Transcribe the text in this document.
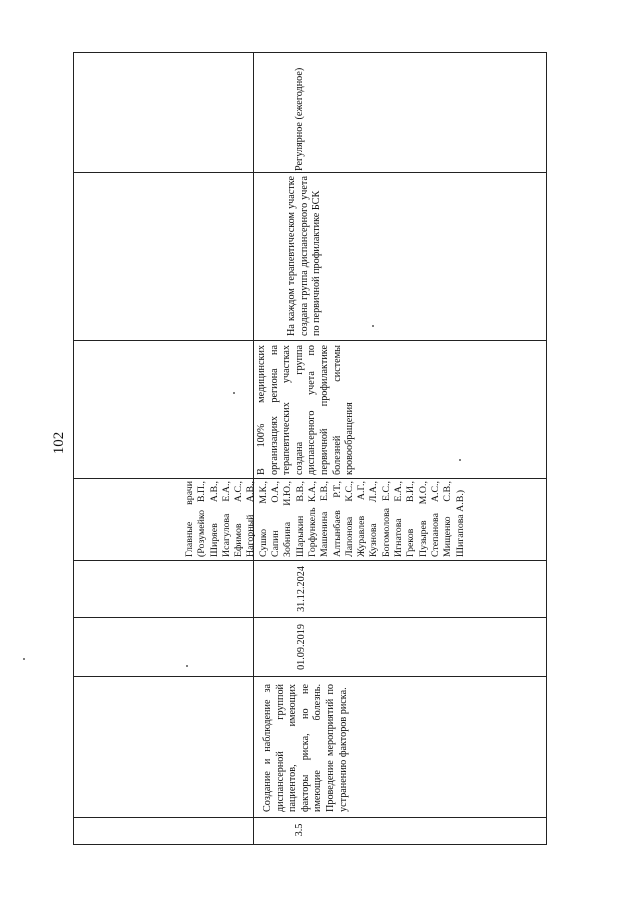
102
3.5
Создание и наблюдение за диспансерной группой пациентов, имеющих факторы риска, но не имеющие болезнь. Проведение мероприятий по устранению факторов риска.
01.09.2019
31.12.2024
Главные врачи (Розумейко В.П., Ширяев А.В., Исагулова Е.А., Ефимов А.С., Нагорный А.В., Сушко М.К., Сапин О.А., Зобнина И.Ю., Шарыкин В.В., Горфункель К.А., Машенина Е.В., Алтынбаев Р.Т., Лапонова К.С., Журавлев А.Г., Кузнова Л.А., Богомолова Е.С., Игнатова Е.А., Греков В.И., Пузырев М.О., Степанова А.С., Мищенко С.В., Шигапова А.В.)
В 100% медицинских организациях региона на терапевтических участках создана группа диспансерного учета по первичной профилактике болезней системы кровообращения
На каждом терапевтическом участке создана группа диспансерного учета по первичной профилактике БСК
Регулярное (ежегодное)
